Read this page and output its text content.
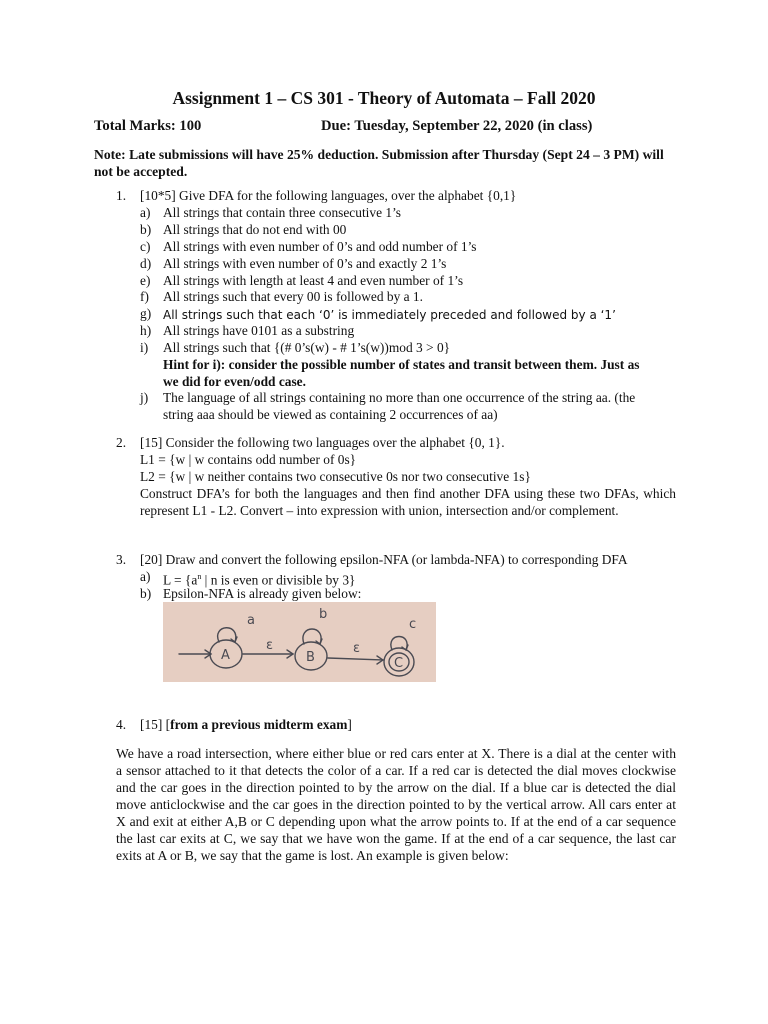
Assignment 1 – CS 301 - Theory of Automata – Fall 2020
Total Marks: 100	Due: Tuesday, September 22, 2020 (in class)
Note: Late submissions will have 25% deduction. Submission after Thursday (Sept 24 – 3 PM) will not be accepted.
1. [10*5] Give DFA for the following languages, over the alphabet {0,1}
a) All strings that contain three consecutive 1’s
b) All strings that do not end with 00
c) All strings with even number of 0’s and odd number of 1’s
d) All strings with even number of 0’s and exactly 2 1’s
e) All strings with length at least 4 and even number of 1’s
f) All strings such that every 00 is followed by a 1.
g) All strings such that each ‘0’ is immediately preceded and followed by a ‘1’
h) All strings have 0101 as a substring
i) All strings such that {(# 0’s(w) - # 1’s(w))mod 3 > 0}
Hint for i): consider the possible number of states and transit between them. Just as
we did for even/odd case.
j) The language of all strings containing no more than one occurrence of the string aa. (the
string aaa should be viewed as containing 2 occurrences of aa)
2. [15] Consider the following two languages over the alphabet {0, 1}.
L1 = {w | w contains odd number of 0s}
L2 = {w | w neither contains two consecutive 0s nor two consecutive 1s}
Construct DFA’s for both the languages and then find another DFA using these two DFAs, which represent L1 - L2. Convert – into expression with union, intersection and/or complement.
3. [20] Draw and convert the following epsilon-NFA (or lambda-NFA) to corresponding DFA
a) $L = \{a^n$ | n is even or divisible by 3}
b) Epsilon-NFA is already given below:
A
a
ε
B
b
ε
C
c
4. [15] [from a previous midterm exam]
We have a road intersection, where either blue or red cars enter at X. There is a dial at the center with a sensor attached to it that detects the color of a car. If a red car is detected the dial moves clockwise and the car goes in the direction pointed to by the arrow on the dial. If a blue car is detected the dial move anticlockwise and the car goes in the direction pointed to by the vertical arrow. All cars enter at X and exit at either A,B or C depending upon what the arrow points to. If at the end of a car sequence the last car exits at C, we say that we have won the game. If at the end of a car sequence, the last car exits at A or B, we say that the game is lost. An example is given below:
